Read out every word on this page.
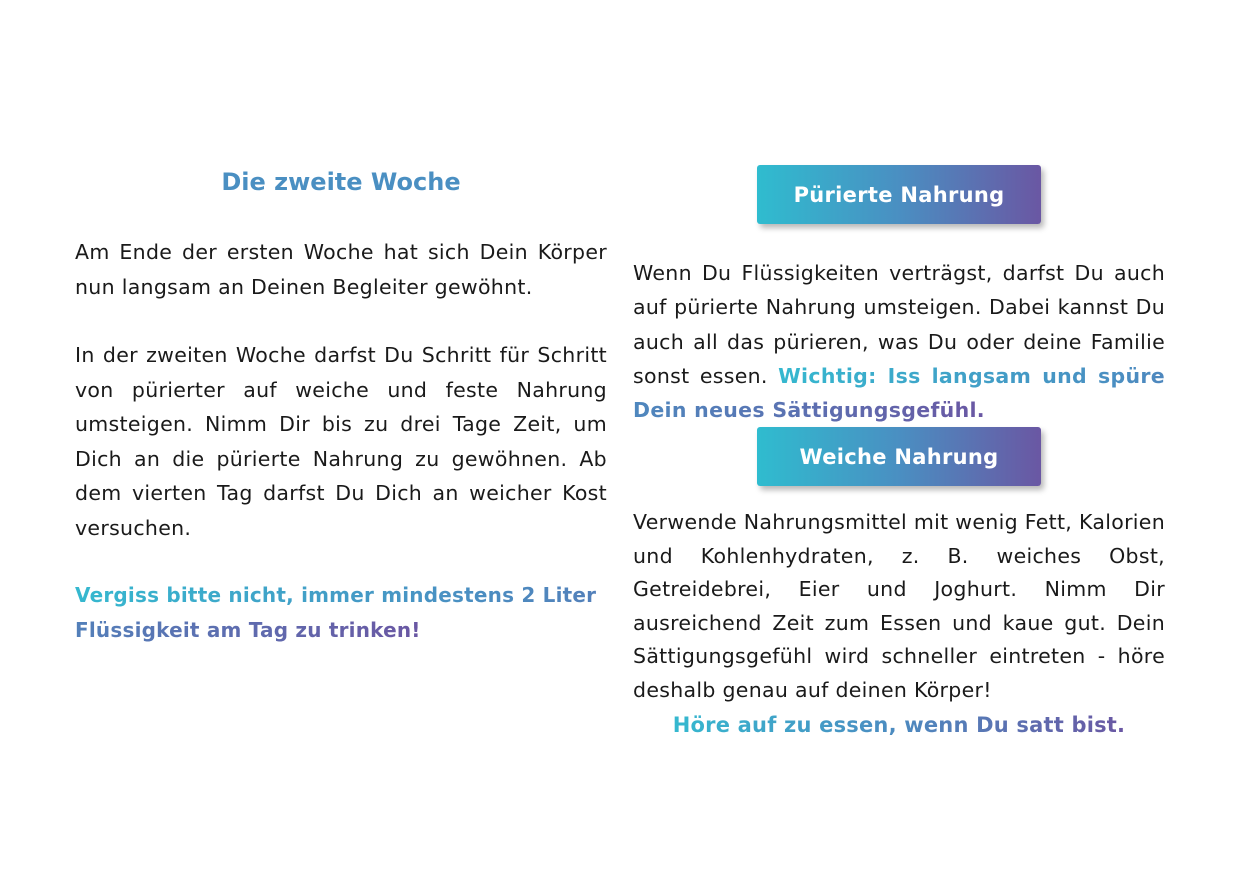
Die zweite Woche

Am Ende der ersten Woche hat sich Dein Körper nun langsam an Deinen Begleiter gewöhnt.

In der zweiten Woche darfst Du Schritt für Schritt von pürierter auf weiche und feste Nahrung umsteigen. Nimm Dir bis zu drei Tage Zeit, um Dich an die pürierte Nahrung zu gewöhnen. Ab dem vierten Tag darfst Du Dich an weicher Kost versuchen.

Vergiss bitte nicht, immer mindestens 2 Liter Flüssigkeit am Tag zu trinken!
Pürierte Nahrung

Wenn Du Flüssigkeiten verträgst, darfst Du auch auf pürierte Nahrung umsteigen. Dabei kannst Du auch all das pürieren, was Du oder deine Familie sonst essen. Wichtig: Iss langsam und spüre Dein neues Sättigungsgefühl.

Weiche Nahrung

Verwende Nahrungsmittel mit wenig Fett, Kalorien und Kohlenhydraten, z. B. weiches Obst, Getreidebrei, Eier und Joghurt. Nimm Dir ausreichend Zeit zum Essen und kaue gut. Dein Sättigungsgefühl wird schneller eintreten - höre deshalb genau auf deinen Körper!

Höre auf zu essen, wenn Du satt bist.
